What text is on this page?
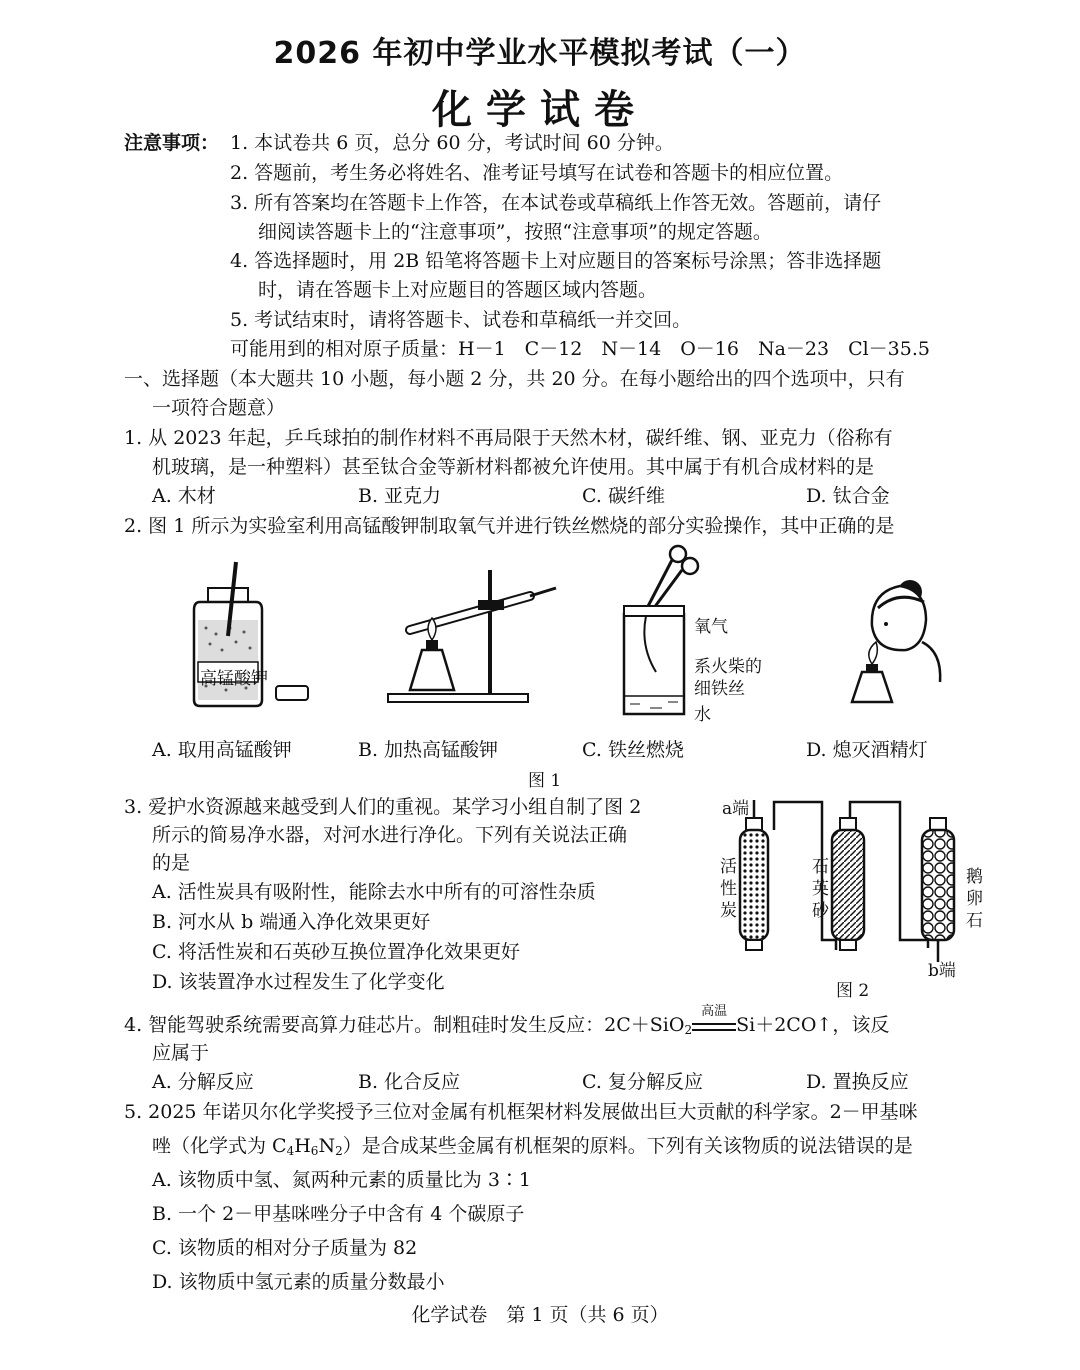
2026 年初中学业水平模拟考试（一）
化学试卷
注意事项： 1. 本试卷共 6 页，总分 60 分，考试时间 60 分钟。
2. 答题前，考生务必将姓名、准考证号填写在试卷和答题卡的相应位置。
3. 所有答案均在答题卡上作答，在本试卷或草稿纸上作答无效。答题前，请仔
细阅读答题卡上的“注意事项”，按照“注意事项”的规定答题。
4. 答选择题时，用 2B 铅笔将答题卡上对应题目的答案标号涂黑；答非选择题
时，请在答题卡上对应题目的答题区域内答题。
5. 考试结束时，请将答题卡、试卷和草稿纸一并交回。
可能用到的相对原子质量：H－1　C－12　N－14　O－16　Na－23　Cl－35.5
一、选择题（本大题共 10 小题，每小题 2 分，共 20 分。在每小题给出的四个选项中，只有
一项符合题意）
1. 从 2023 年起，乒乓球拍的制作材料不再局限于天然木材，碳纤维、钢、亚克力（俗称有
机玻璃，是一种塑料）甚至钛合金等新材料都被允许使用。其中属于有机合成材料的是
A. 木材	B. 亚克力	C. 碳纤维	D. 钛合金
2. 图 1 所示为实验室利用高锰酸钾制取氧气并进行铁丝燃烧的部分实验操作，其中正确的是
高锰酸钾
氧气
系火柴的
细铁丝
水
A. 取用高锰酸钾	B. 加热高锰酸钾	C. 铁丝燃烧	D. 熄灭酒精灯
图 1
3. 爱护水资源越来越受到人们的重视。某学习小组自制了图 2
所示的简易净水器，对河水进行净化。下列有关说法正确
的是
A. 活性炭具有吸附性，能除去水中所有的可溶性杂质
B. 河水从 b 端通入净化效果更好
C. 将活性炭和石英砂互换位置净化效果更好
D. 该装置净水过程发生了化学变化
a端
b端
活性炭
石英砂
鹅卵石
图 2
4. 智能驾驶系统需要高算力硅芯片。制粗硅时发生反应：2C＋SiO$_2$
高温
Si＋2CO↑，该反
应属于
A. 分解反应	B. 化合反应	C. 复分解反应	D. 置换反应
5. 2025 年诺贝尔化学奖授予三位对金属有机框架材料发展做出巨大贡献的科学家。2－甲基咪
唑（化学式为 $C_4H_6N_2$）是合成某些金属有机框架的原料。下列有关该物质的说法错误的是
A. 该物质中氢、氮两种元素的质量比为 3∶1
B. 一个 2－甲基咪唑分子中含有 4 个碳原子
C. 该物质的相对分子质量为 82
D. 该物质中氢元素的质量分数最小
化学试卷　第 1 页（共 6 页）
